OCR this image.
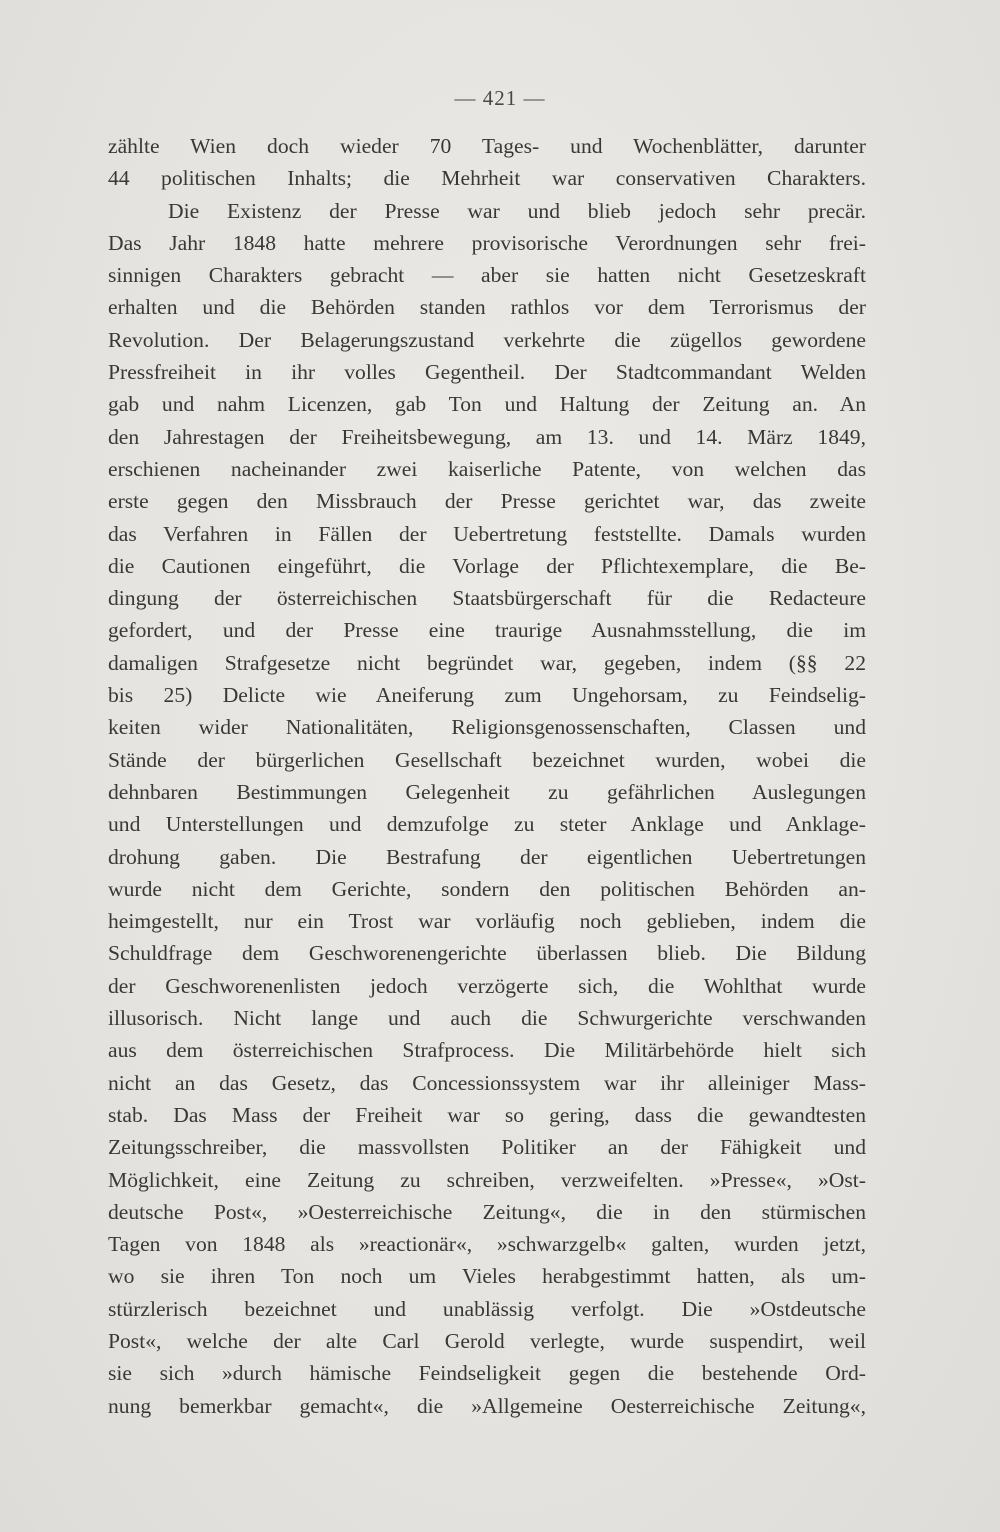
— 421 —
zählte Wien doch wieder 70 Tages- und Wochenblätter, darunter
44 politischen Inhalts; die Mehrheit war conservativen Charakters.
Die Existenz der Presse war und blieb jedoch sehr precär.
Das Jahr 1848 hatte mehrere provisorische Verordnungen sehr frei-
sinnigen Charakters gebracht — aber sie hatten nicht Gesetzeskraft
erhalten und die Behörden standen rathlos vor dem Terrorismus der
Revolution. Der Belagerungszustand verkehrte die zügellos gewordene
Pressfreiheit in ihr volles Gegentheil. Der Stadtcommandant Welden
gab und nahm Licenzen, gab Ton und Haltung der Zeitung an. An
den Jahrestagen der Freiheitsbewegung, am 13. und 14. März 1849,
erschienen nacheinander zwei kaiserliche Patente, von welchen das
erste gegen den Missbrauch der Presse gerichtet war, das zweite
das Verfahren in Fällen der Uebertretung feststellte. Damals wurden
die Cautionen eingeführt, die Vorlage der Pflichtexemplare, die Be-
dingung der österreichischen Staatsbürgerschaft für die Redacteure
gefordert, und der Presse eine traurige Ausnahmsstellung, die im
damaligen Strafgesetze nicht begründet war, gegeben, indem (§§ 22
bis 25) Delicte wie Aneiferung zum Ungehorsam, zu Feindselig-
keiten wider Nationalitäten, Religionsgenossenschaften, Classen und
Stände der bürgerlichen Gesellschaft bezeichnet wurden, wobei die
dehnbaren Bestimmungen Gelegenheit zu gefährlichen Auslegungen
und Unterstellungen und demzufolge zu steter Anklage und Anklage-
drohung gaben. Die Bestrafung der eigentlichen Uebertretungen
wurde nicht dem Gerichte, sondern den politischen Behörden an-
heimgestellt, nur ein Trost war vorläufig noch geblieben, indem die
Schuldfrage dem Geschworenengerichte überlassen blieb. Die Bildung
der Geschworenenlisten jedoch verzögerte sich, die Wohlthat wurde
illusorisch. Nicht lange und auch die Schwurgerichte verschwanden
aus dem österreichischen Strafprocess. Die Militärbehörde hielt sich
nicht an das Gesetz, das Concessionssystem war ihr alleiniger Mass-
stab. Das Mass der Freiheit war so gering, dass die gewandtesten
Zeitungsschreiber, die massvollsten Politiker an der Fähigkeit und
Möglichkeit, eine Zeitung zu schreiben, verzweifelten. »Presse«, »Ost-
deutsche Post«, »Oesterreichische Zeitung«, die in den stürmischen
Tagen von 1848 als »reactionär«, »schwarzgelb« galten, wurden jetzt,
wo sie ihren Ton noch um Vieles herabgestimmt hatten, als um-
stürzlerisch bezeichnet und unablässig verfolgt. Die »Ostdeutsche
Post«, welche der alte Carl Gerold verlegte, wurde suspendirt, weil
sie sich »durch hämische Feindseligkeit gegen die bestehende Ord-
nung bemerkbar gemacht«, die »Allgemeine Oesterreichische Zeitung«,
